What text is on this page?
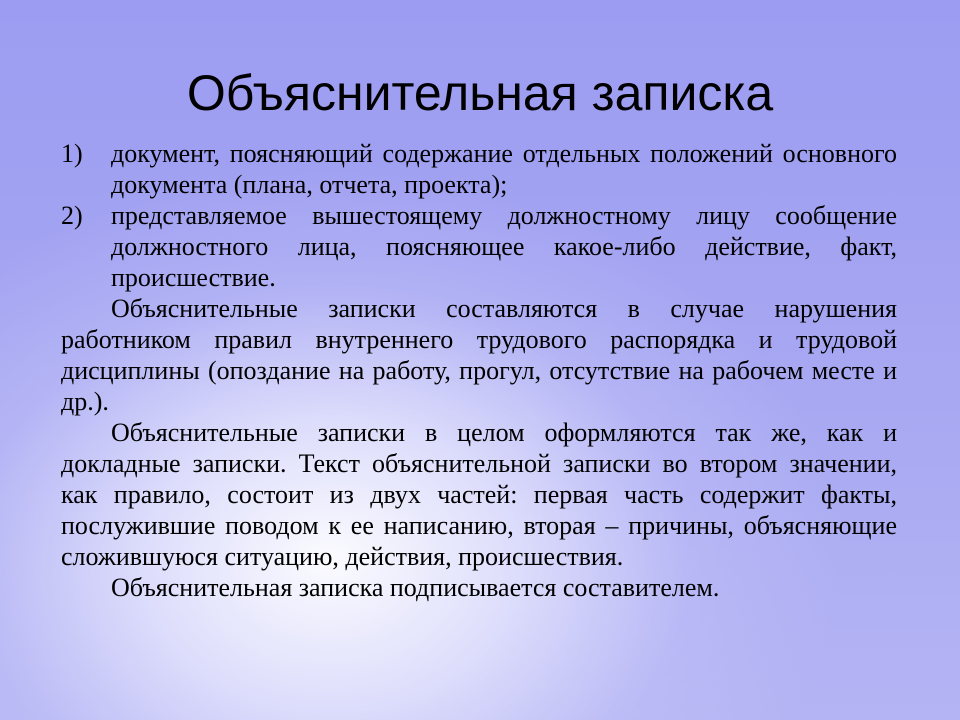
Объяснительная записка
1) документ, поясняющий содержание отдельных положений основного документа (плана, отчета, проекта);
2) представляемое вышестоящему должностному лицу сообщение должностного лица, поясняющее какое-либо действие, факт, происшествие.
Объяснительные записки составляются в случае нарушения работником правил внутреннего трудового распорядка и трудовой дисциплины (опоздание на работу, прогул, отсутствие на рабочем месте и др.).
Объяснительные записки в целом оформляются так же, как и докладные записки. Текст объяснительной записки во втором значении, как правило, состоит из двух частей: первая часть содержит факты, послужившие поводом к ее написанию, вторая – причины, объясняющие сложившуюся ситуацию, действия, происшествия.
Объяснительная записка подписывается составителем.
